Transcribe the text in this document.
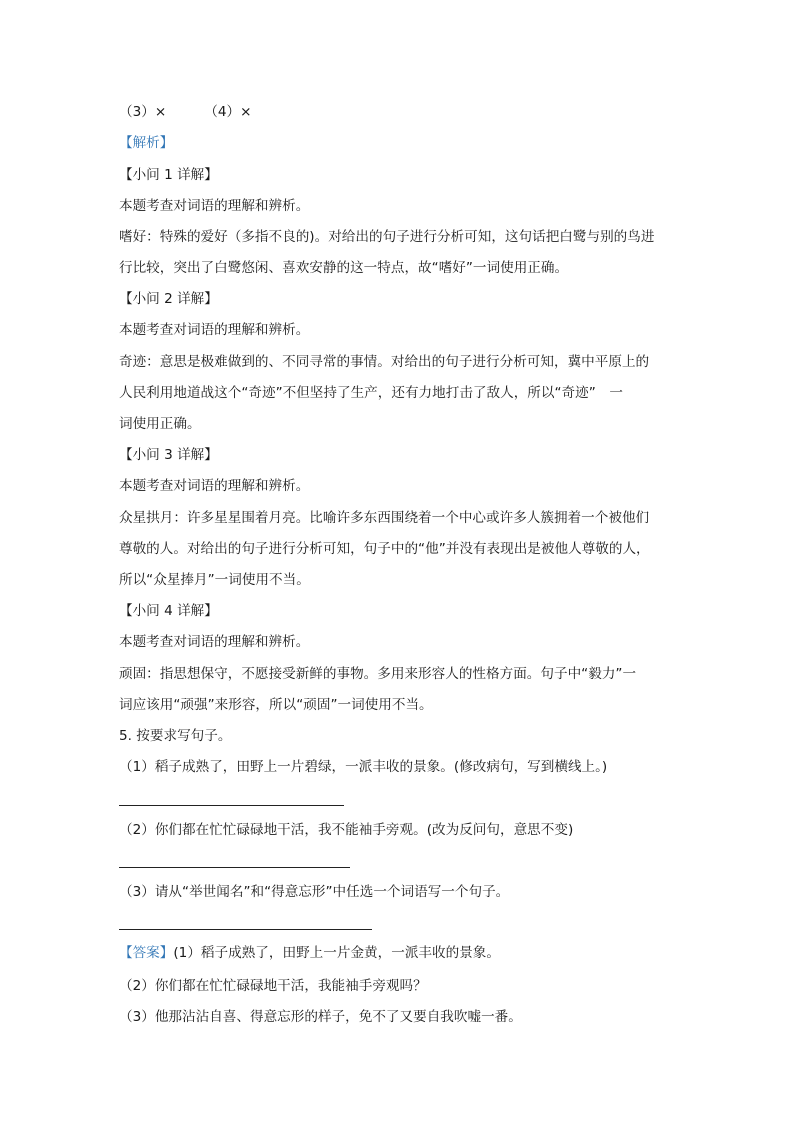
（3）×	（4）×
【解析】
【小问 1 详解】
本题考查对词语的理解和辨析。
嗜好：特殊的爱好（多指不良的)。对给出的句子进行分析可知，这句话把白鹭与别的鸟进
行比较，突出了白鹭悠闲、喜欢安静的这一特点，故“嗜好”一词使用正确。
【小问 2 详解】
本题考查对词语的理解和辨析。
奇迹：意思是极难做到的、不同寻常的事情。对给出的句子进行分析可知，冀中平原上的
人民利用地道战这个“奇迹”不但坚持了生产，还有力地打击了敌人，所以“奇迹”　一
词使用正确。
【小问 3 详解】
本题考查对词语的理解和辨析。
众星拱月：许多星星围着月亮。比喻许多东西围绕着一个中心或许多人簇拥着一个被他们
尊敬的人。对给出的句子进行分析可知，句子中的“他”并没有表现出是被他人尊敬的人，
所以“众星捧月”一词使用不当。
【小问 4 详解】
本题考查对词语的理解和辨析。
顽固：指思想保守，不愿接受新鲜的事物。多用来形容人的性格方面。句子中“毅力”一
词应该用“顽强”来形容，所以“顽固”一词使用不当。
5. 按要求写句子。
（1）稻子成熟了，田野上一片碧绿，一派丰收的景象。(修改病句，写到横线上。)
（2）你们都在忙忙碌碌地干活，我不能袖手旁观。(改为反问句，意思不变)
（3）请从“举世闻名”和“得意忘形”中任选一个词语写一个句子。
【答案】(1）稻子成熟了，田野上一片金黄，一派丰收的景象。
（2）你们都在忙忙碌碌地干活，我能袖手旁观吗？
（3）他那沾沾自喜、得意忘形的样子，免不了又要自我吹嘘一番。
